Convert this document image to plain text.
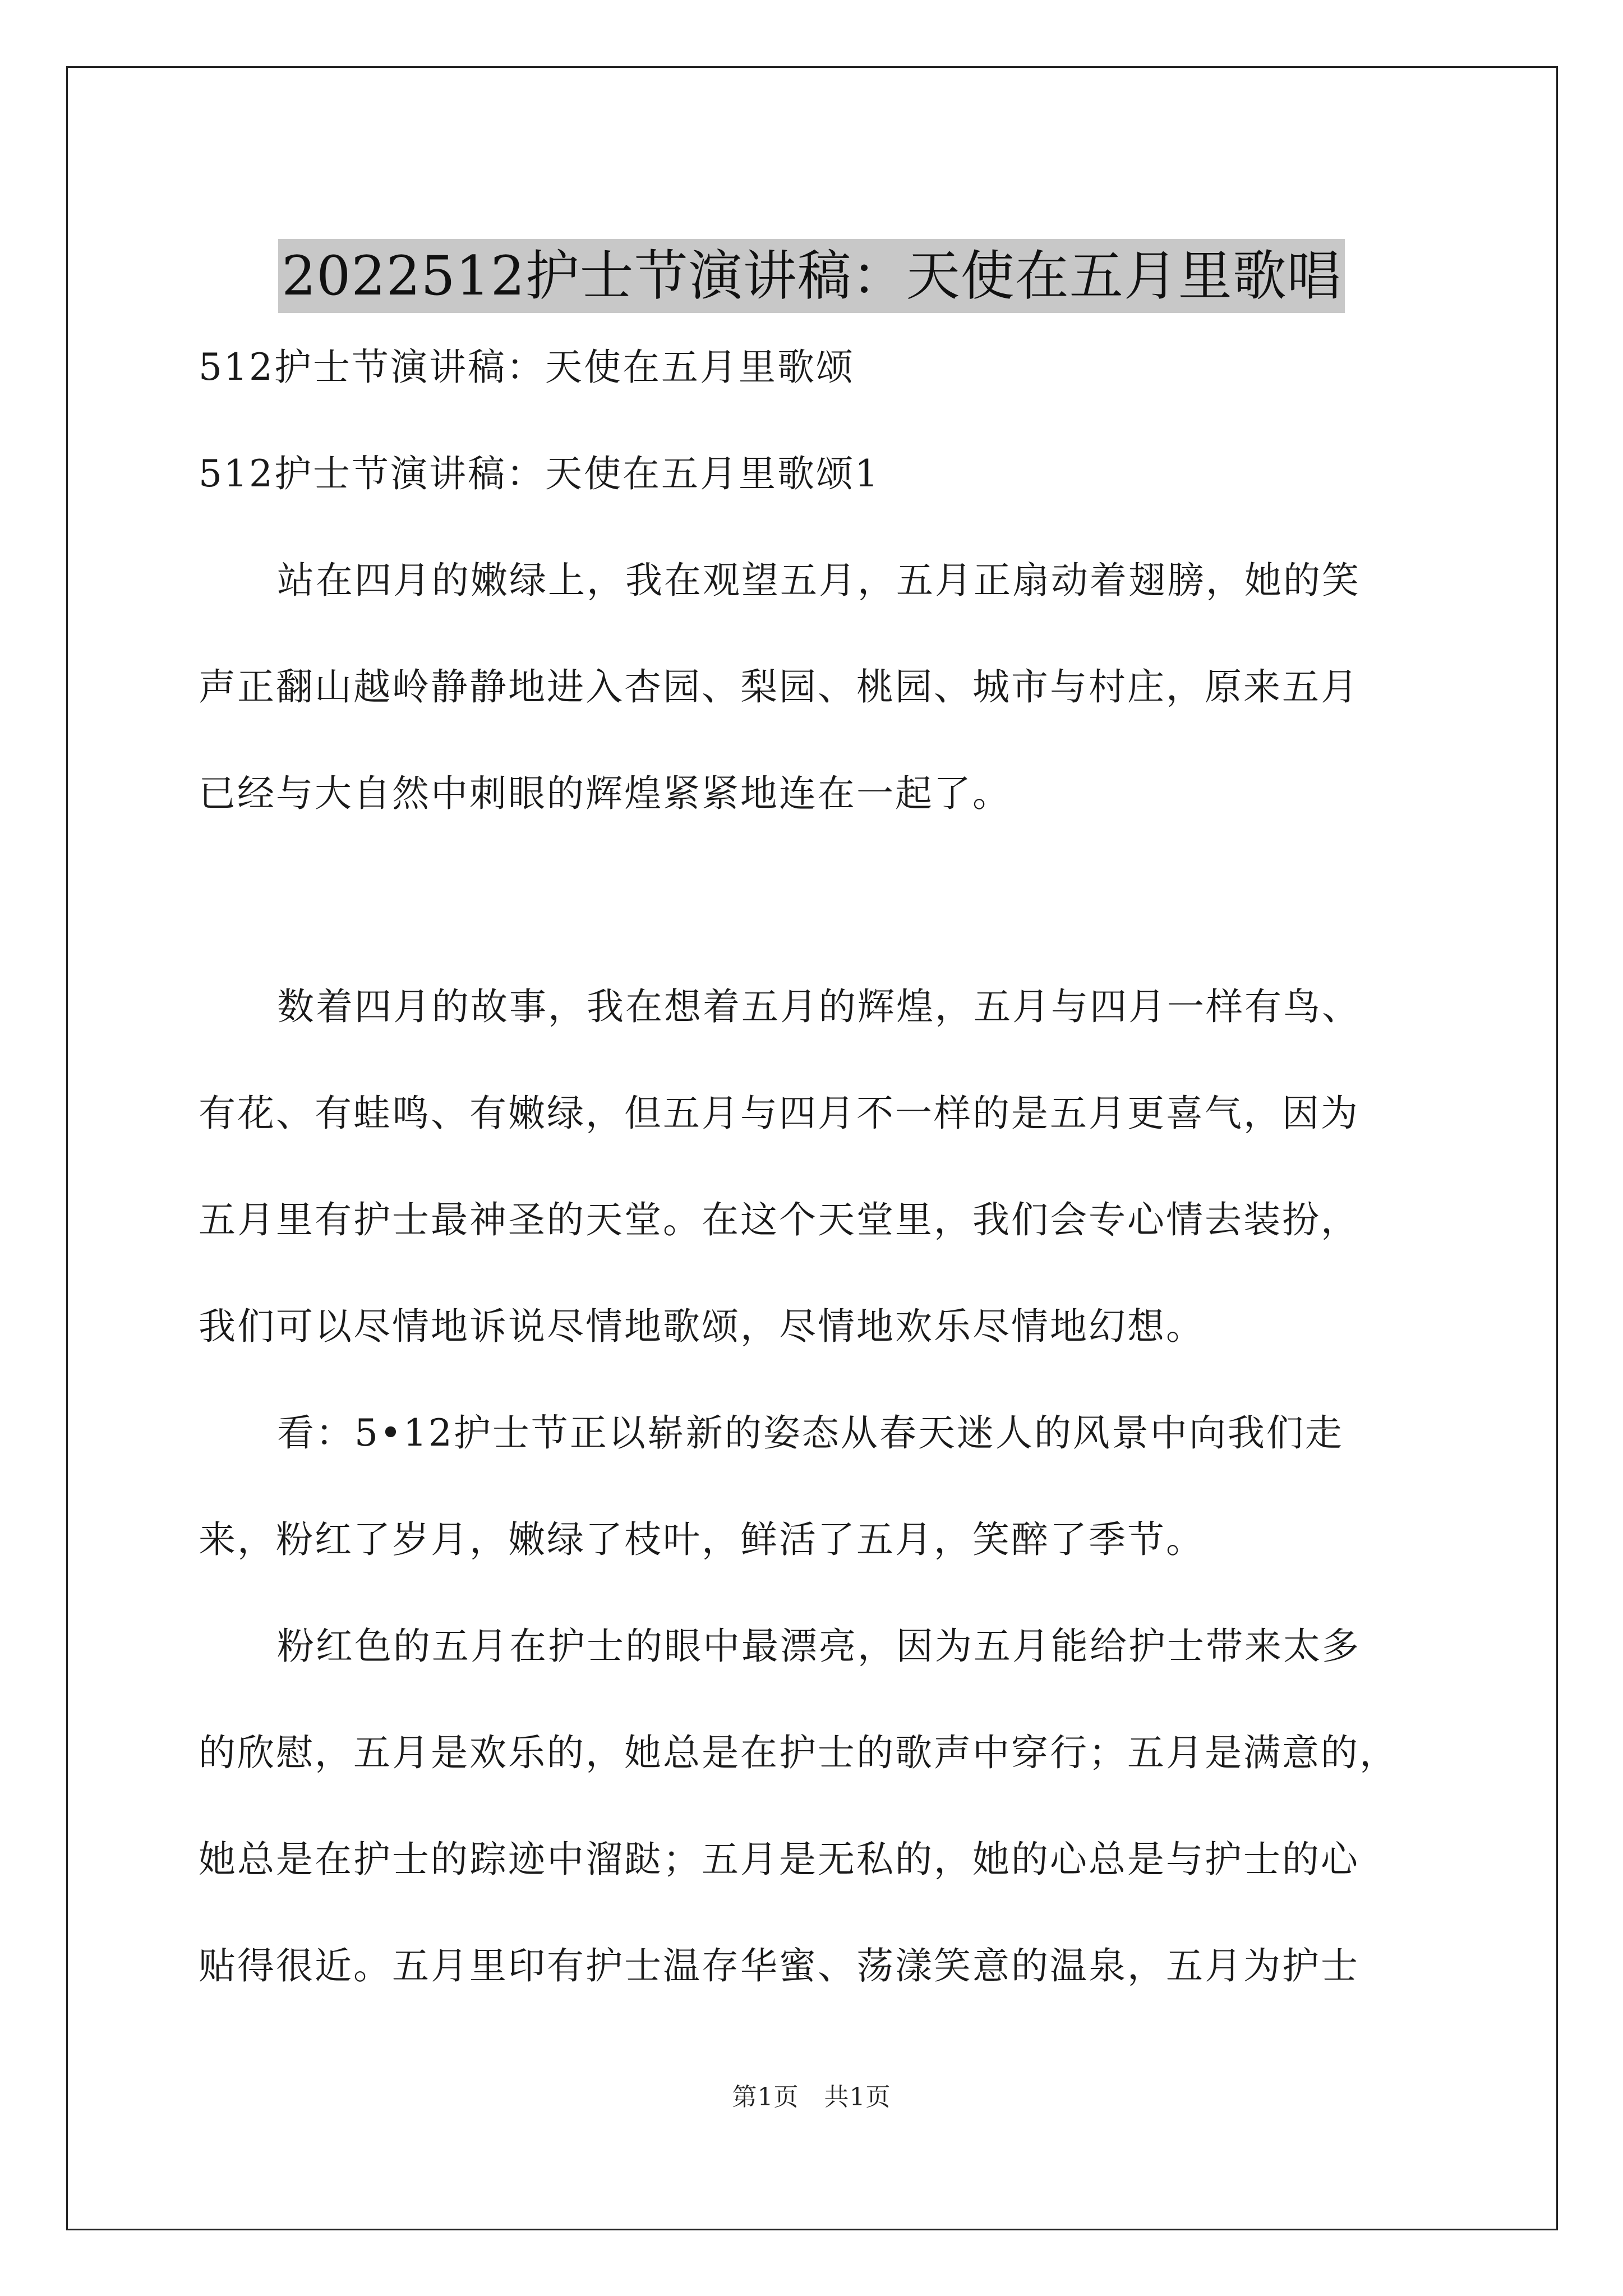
2022512护士节演讲稿：天使在五月里歌唱
512护士节演讲稿：天使在五月里歌颂
512护士节演讲稿：天使在五月里歌颂1
站在四月的嫩绿上，我在观望五月，五月正扇动着翅膀，她的笑
声正翻山越岭静静地进入杏园、梨园、桃园、城市与村庄，原来五月
已经与大自然中刺眼的辉煌紧紧地连在一起了。
数着四月的故事，我在想着五月的辉煌，五月与四月一样有鸟、
有花、有蛙鸣、有嫩绿，但五月与四月不一样的是五月更喜气，因为
五月里有护士最神圣的天堂。在这个天堂里，我们会专心情去装扮，
我们可以尽情地诉说尽情地歌颂，尽情地欢乐尽情地幻想。
看：5•12护士节正以崭新的姿态从春天迷人的风景中向我们走
来，粉红了岁月，嫩绿了枝叶，鲜活了五月，笑醉了季节。
粉红色的五月在护士的眼中最漂亮，因为五月能给护士带来太多
的欣慰，五月是欢乐的，她总是在护士的歌声中穿行；五月是满意的，
她总是在护士的踪迹中溜跶；五月是无私的，她的心总是与护士的心
贴得很近。五月里印有护士温存华蜜、荡漾笑意的温泉，五月为护士
第1页　共1页
